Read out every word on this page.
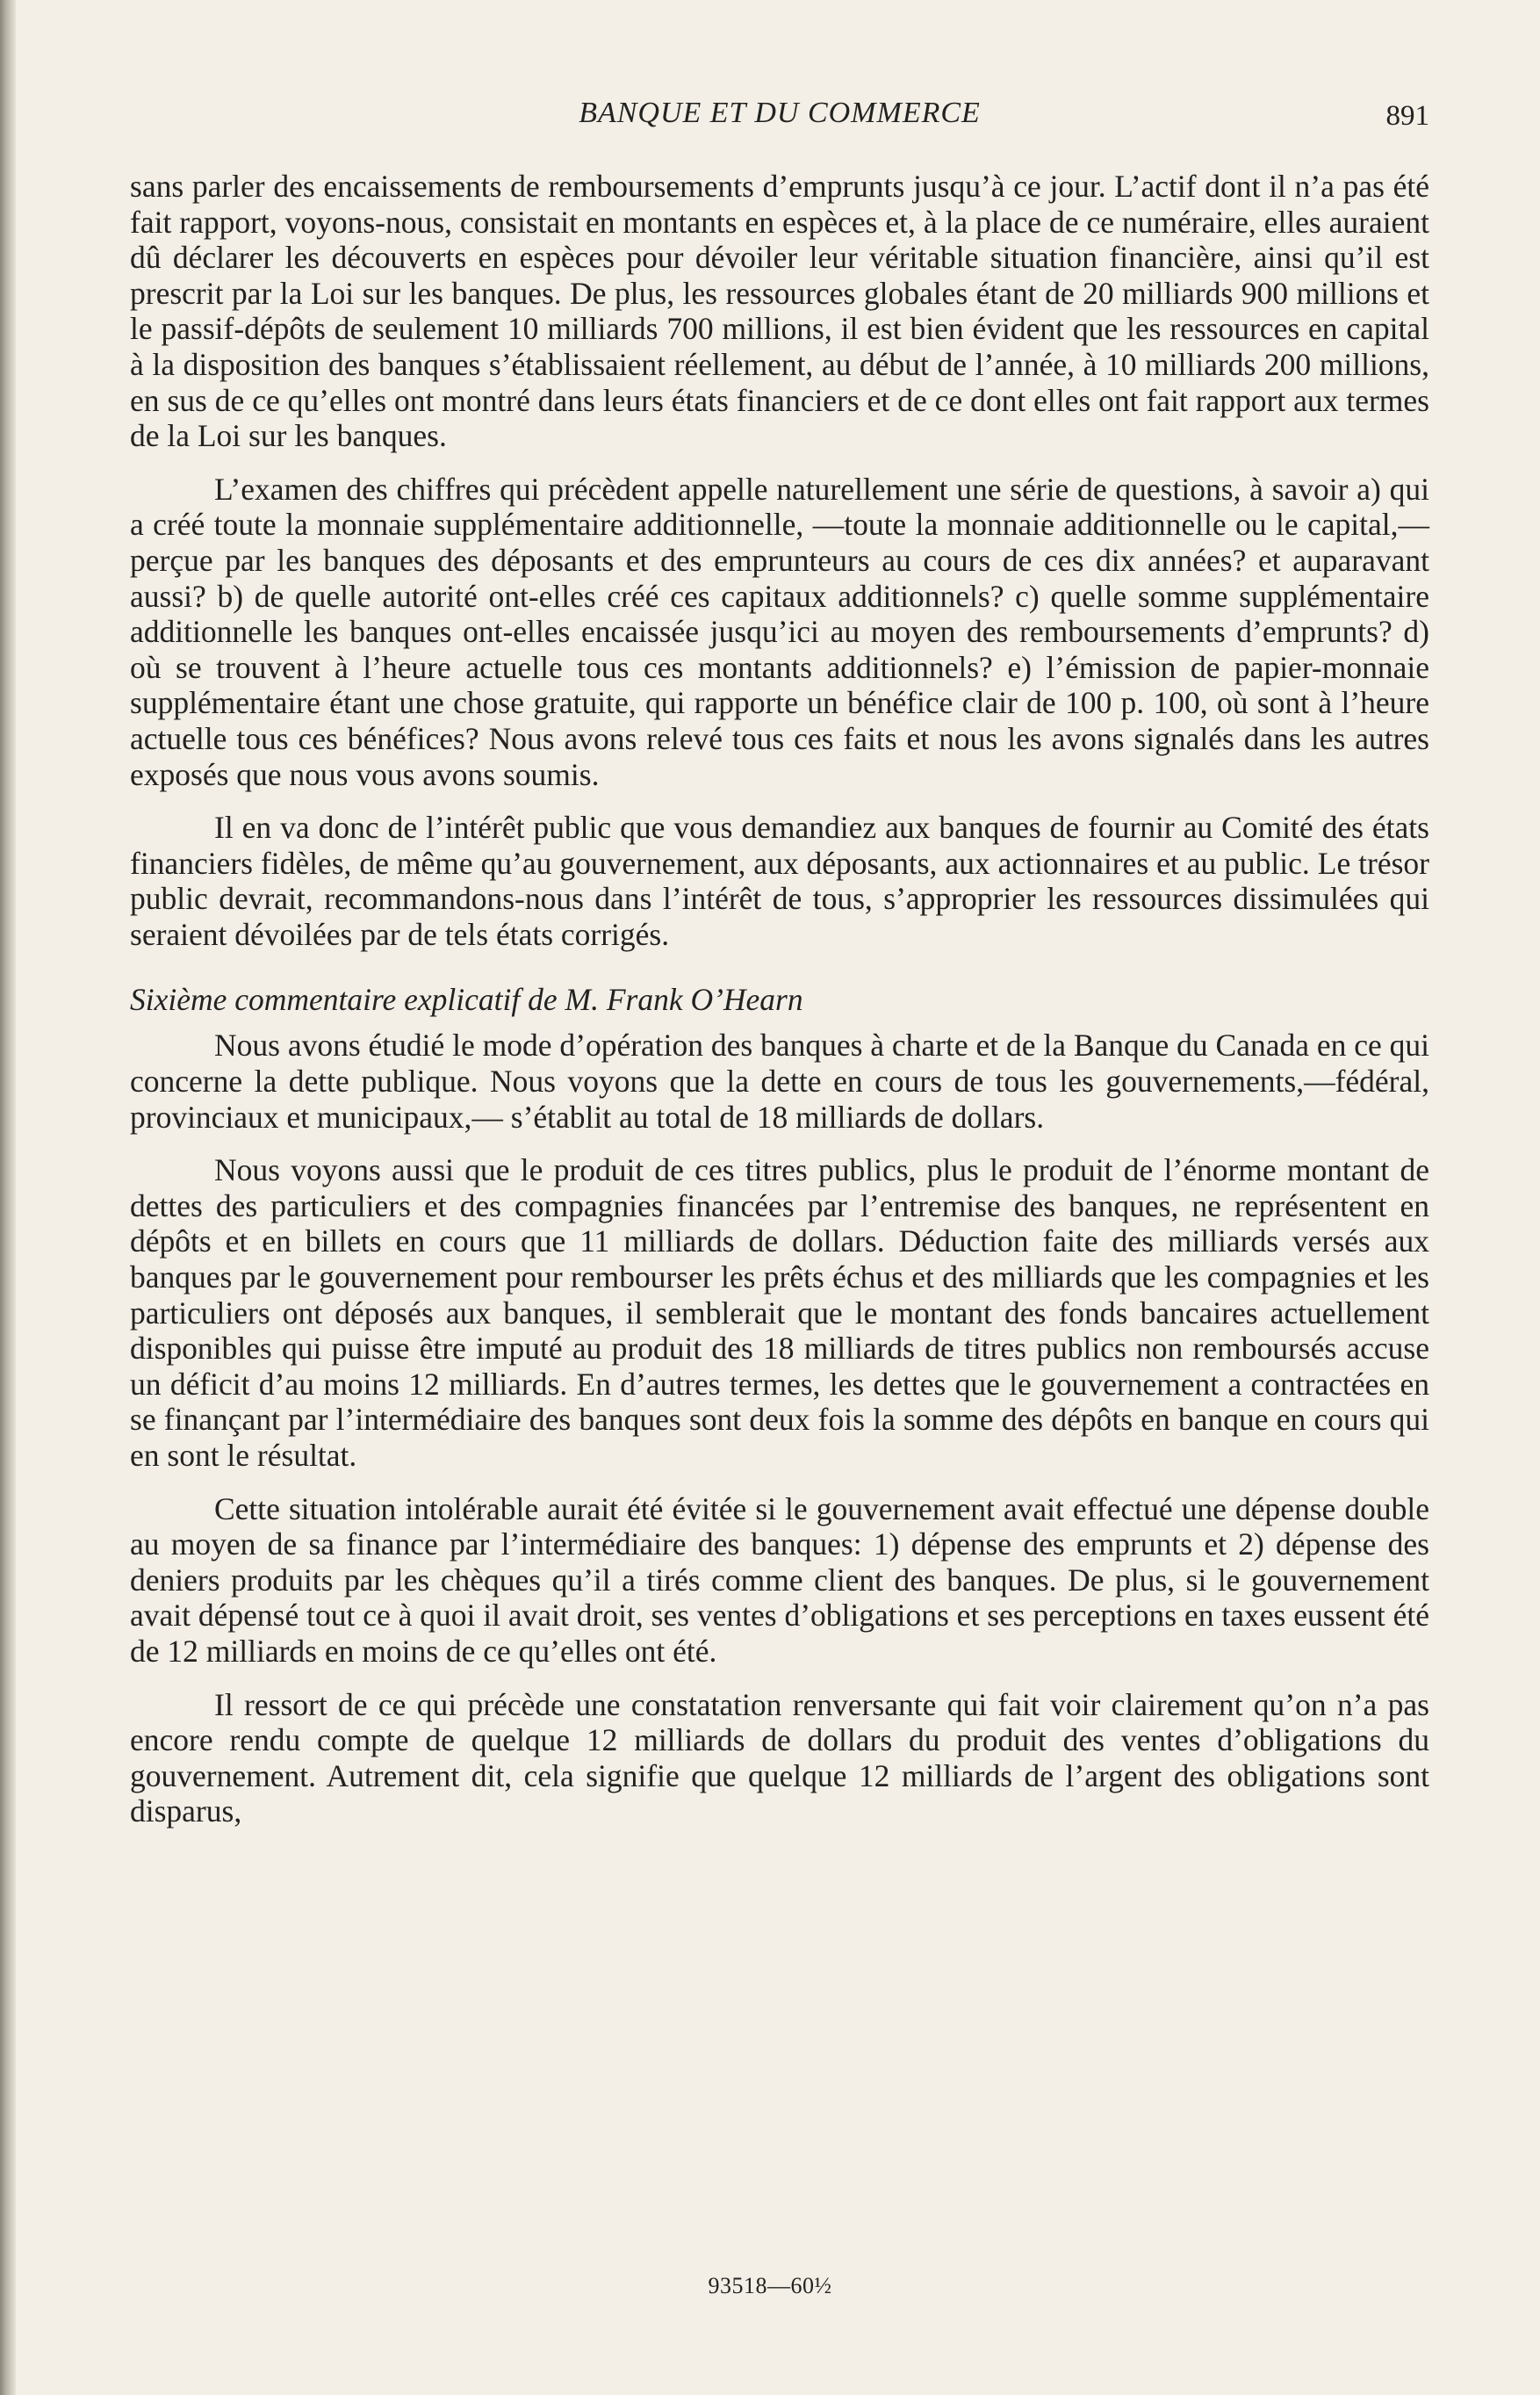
BANQUE ET DU COMMERCE	891

sans parler des encaissements de remboursements d’emprunts jusqu’à ce jour. L’actif dont il n’a pas été fait rapport, voyons-nous, consistait en montants en espèces et, à la place de ce numéraire, elles auraient dû déclarer les découverts en espèces pour dévoiler leur véritable situation financière, ainsi qu’il est prescrit par la Loi sur les banques. De plus, les ressources globales étant de 20 milliards 900 millions et le passif-dépôts de seulement 10 milliards 700 millions, il est bien évident que les ressources en capital à la disposition des banques s’établissaient réellement, au début de l’année, à 10 milliards 200 millions, en sus de ce qu’elles ont montré dans leurs états financiers et de ce dont elles ont fait rapport aux termes de la Loi sur les banques.

L’examen des chiffres qui précèdent appelle naturellement une série de questions, à savoir a) qui a créé toute la monnaie supplémentaire additionnelle, —toute la monnaie additionnelle ou le capital,—perçue par les banques des déposants et des emprunteurs au cours de ces dix années? et auparavant aussi? b) de quelle autorité ont-elles créé ces capitaux additionnels? c) quelle somme supplémentaire additionnelle les banques ont-elles encaissée jusqu’ici au moyen des remboursements d’emprunts? d) où se trouvent à l’heure actuelle tous ces montants additionnels? e) l’émission de papier-monnaie supplémentaire étant une chose gratuite, qui rapporte un bénéfice clair de 100 p. 100, où sont à l’heure actuelle tous ces bénéfices? Nous avons relevé tous ces faits et nous les avons signalés dans les autres exposés que nous vous avons soumis.

Il en va donc de l’intérêt public que vous demandiez aux banques de fournir au Comité des états financiers fidèles, de même qu’au gouvernement, aux déposants, aux actionnaires et au public. Le trésor public devrait, recommandons-nous dans l’intérêt de tous, s’approprier les ressources dissimulées qui seraient dévoilées par de tels états corrigés.

Sixième commentaire explicatif de M. Frank O’Hearn

Nous avons étudié le mode d’opération des banques à charte et de la Banque du Canada en ce qui concerne la dette publique. Nous voyons que la dette en cours de tous les gouvernements,—fédéral, provinciaux et municipaux,— s’établit au total de 18 milliards de dollars.

Nous voyons aussi que le produit de ces titres publics, plus le produit de l’énorme montant de dettes des particuliers et des compagnies financées par l’entremise des banques, ne représentent en dépôts et en billets en cours que 11 milliards de dollars. Déduction faite des milliards versés aux banques par le gouvernement pour rembourser les prêts échus et des milliards que les compagnies et les particuliers ont déposés aux banques, il semblerait que le montant des fonds bancaires actuellement disponibles qui puisse être imputé au produit des 18 milliards de titres publics non remboursés accuse un déficit d’au moins 12 milliards. En d’autres termes, les dettes que le gouvernement a contractées en se finançant par l’intermédiaire des banques sont deux fois la somme des dépôts en banque en cours qui en sont le résultat.

Cette situation intolérable aurait été évitée si le gouvernement avait effectué une dépense double au moyen de sa finance par l’intermédiaire des banques: 1) dépense des emprunts et 2) dépense des deniers produits par les chèques qu’il a tirés comme client des banques. De plus, si le gouvernement avait dépensé tout ce à quoi il avait droit, ses ventes d’obligations et ses perceptions en taxes eussent été de 12 milliards en moins de ce qu’elles ont été.

Il ressort de ce qui précède une constatation renversante qui fait voir clairement qu’on n’a pas encore rendu compte de quelque 12 milliards de dollars du produit des ventes d’obligations du gouvernement. Autrement dit, cela signifie que quelque 12 milliards de l’argent des obligations sont disparus,

93518—60½
